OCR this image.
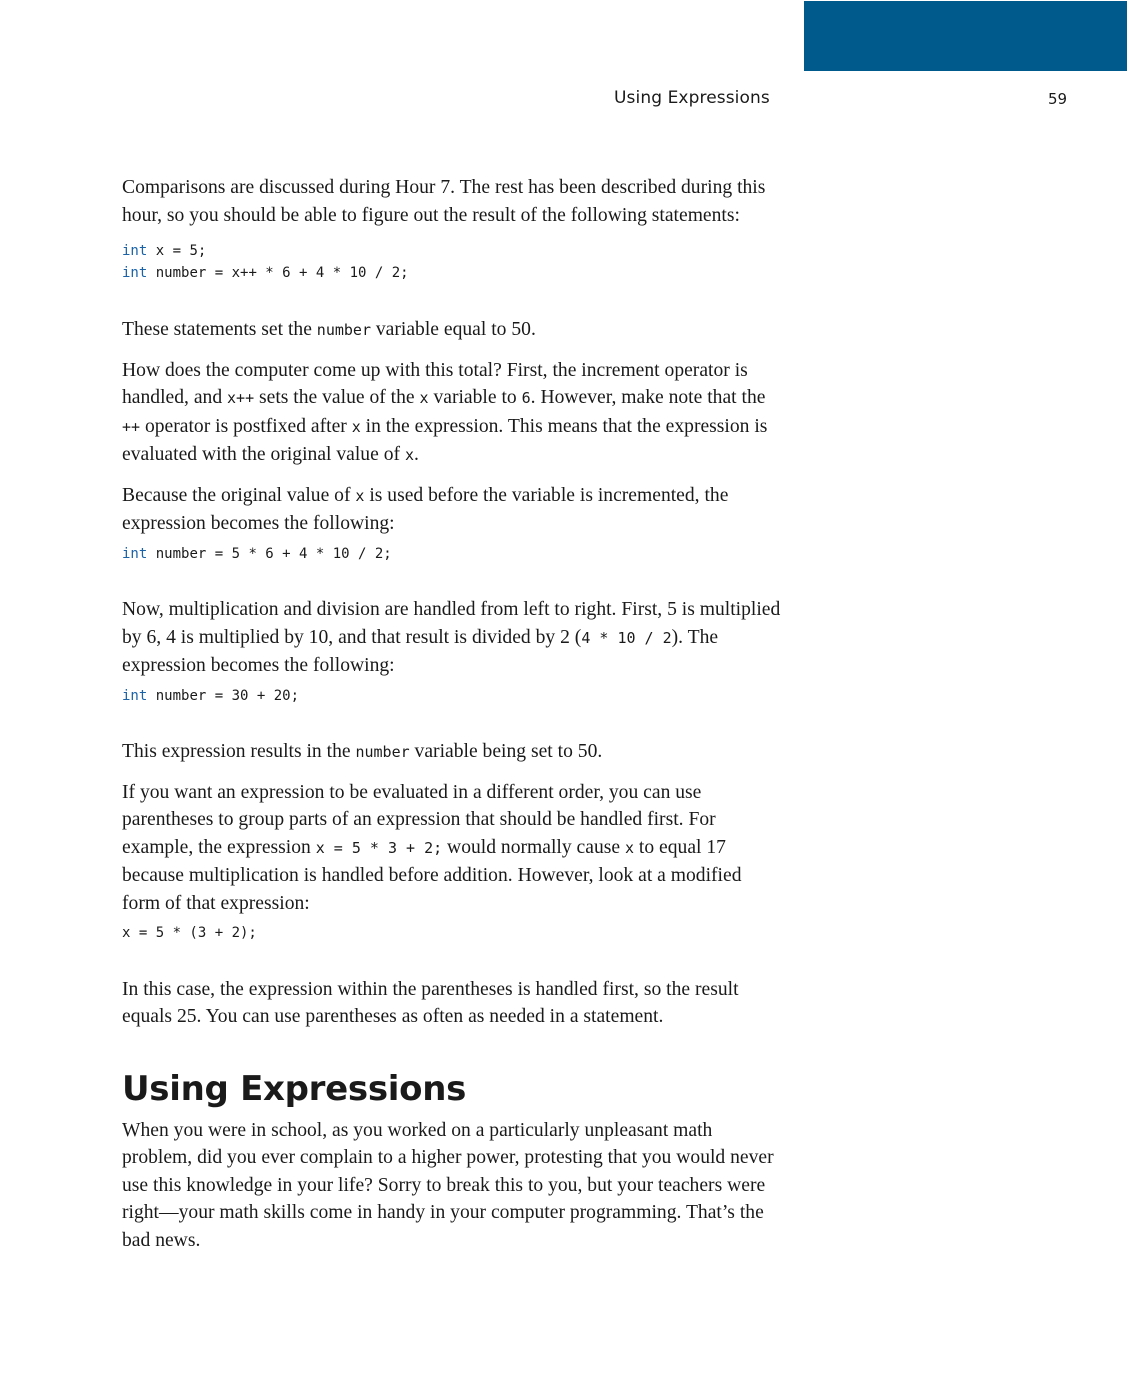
Using Expressions	59

Comparisons are discussed during Hour 7. The rest has been described during this hour, so you should be able to figure out the result of the following statements:

int x = 5;
int number = x++ * 6 + 4 * 10 / 2;

These statements set the number variable equal to 50.

How does the computer come up with this total? First, the increment operator is handled, and x++ sets the value of the x variable to 6. However, make note that the ++ operator is postfixed after x in the expression. This means that the expression is evaluated with the original value of x.

Because the original value of x is used before the variable is incremented, the expression becomes the following:

int number = 5 * 6 + 4 * 10 / 2;

Now, multiplication and division are handled from left to right. First, 5 is multiplied by 6, 4 is multiplied by 10, and that result is divided by 2 (4 * 10 / 2). The expression becomes the following:

int number = 30 + 20;

This expression results in the number variable being set to 50.

If you want an expression to be evaluated in a different order, you can use parentheses to group parts of an expression that should be handled first. For example, the expression x = 5 * 3 + 2; would normally cause x to equal 17 because multiplication is handled before addition. However, look at a modified form of that expression:

x = 5 * (3 + 2);

In this case, the expression within the parentheses is handled first, so the result equals 25. You can use parentheses as often as needed in a statement.

Using Expressions

When you were in school, as you worked on a particularly unpleasant math problem, did you ever complain to a higher power, protesting that you would never use this knowledge in your life? Sorry to break this to you, but your teachers were right—your math skills come in handy in your computer programming. That’s the bad news.
